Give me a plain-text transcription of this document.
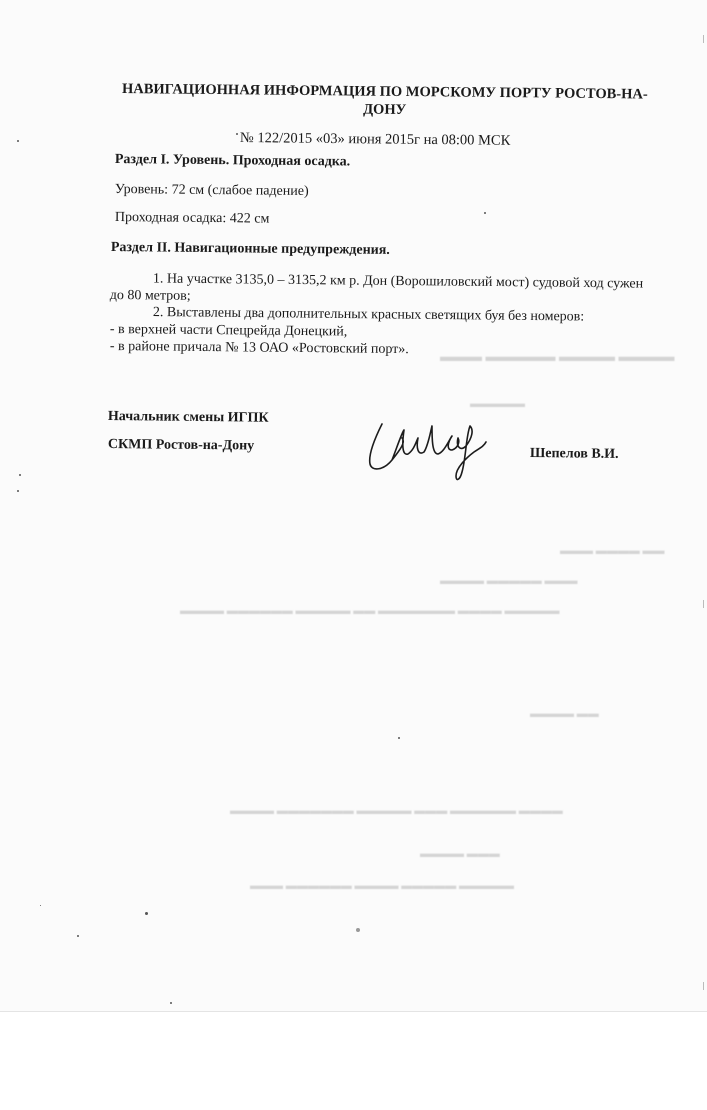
▬▬▬ ▬▬▬▬▬ ▬▬▬▬ ▬▬▬▬
▬▬▬▬▬
▬▬▬ ▬▬▬▬ ▬▬
▬▬▬▬ ▬▬▬▬▬ ▬▬▬
▬▬▬▬ ▬▬▬▬▬▬ ▬▬▬▬▬ ▬▬ ▬▬▬▬▬▬▬ ▬▬▬▬ ▬▬▬▬▬
▬▬▬▬ ▬▬
▬▬▬▬ ▬▬▬▬▬▬▬ ▬▬▬▬▬ ▬▬▬ ▬▬▬▬▬▬ ▬▬▬▬
▬▬▬▬ ▬▬▬
▬▬▬ ▬▬▬▬▬▬ ▬▬▬▬ ▬▬▬▬▬ ▬▬▬▬▬
НАВИГАЦИОННАЯ ИНФОРМАЦИЯ ПО МОРСКОМУ ПОРТУ РОСТОВ-НА-ДОНУ
№ 122/2015 «03» июня 2015г на 08:00 МСК
Раздел I. Уровень. Проходная осадка.
Уровень: 72 см (слабое падение)
Проходная осадка: 422 см
Раздел II. Навигационные предупреждения.
1. На участке 3135,0 – 3135,2 км р. Дон (Ворошиловский мост) судовой ход сужен до 80 метров;
2. Выставлены два дополнительных красных светящих буя без номеров:
- в верхней части Спецрейда Донецкий,
- в районе причала № 13 ОАО «Ростовский порт».
Начальник смены ИГПК
СКМП Ростов-на-Дону
Шепелов В.И.
